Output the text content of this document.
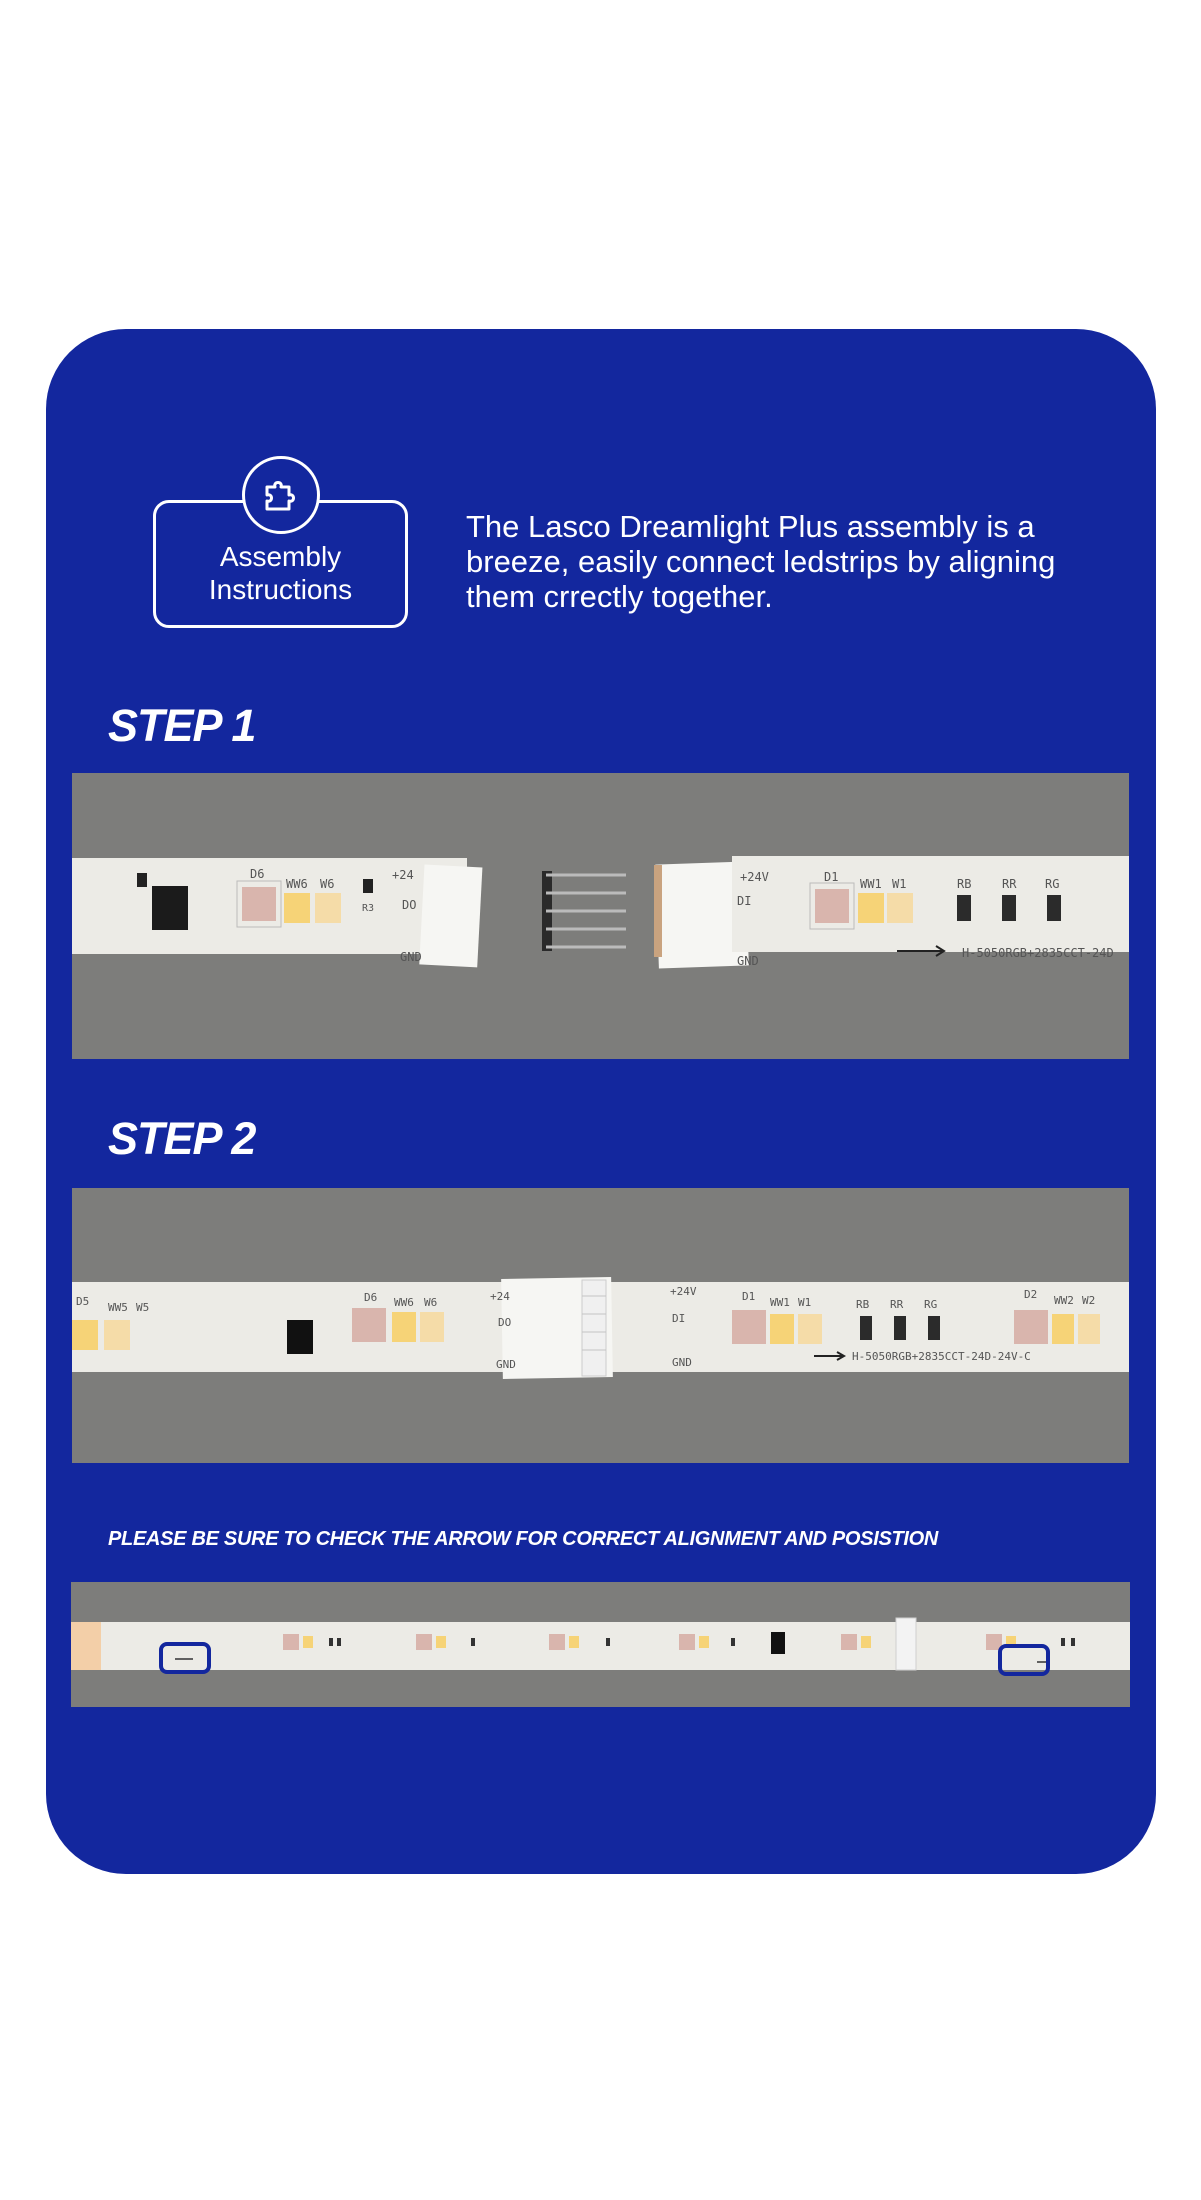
Assembly Instructions
The Lasco Dreamlight Plus assembly is a breeze, easily connect ledstrips by aligning them crrectly together.
STEP 1
D6
WW6 W6
+24
DO
GND
R3
+24V
DI
GND
D1 WW1 W1	RB	RR RG
H-5050RGB+2835CCT-24D
STEP 2
D5 WW5 W5
D6 WW6 W6	+24
DO
GND
+24V
DI
GND
D1 WW1 W1	RB RR RG
D2 WW2 W2
H-5050RGB+2835CCT-24D-24V-C
PLEASE BE SURE TO CHECK THE ARROW FOR CORRECT ALIGNMENT AND POSISTION
